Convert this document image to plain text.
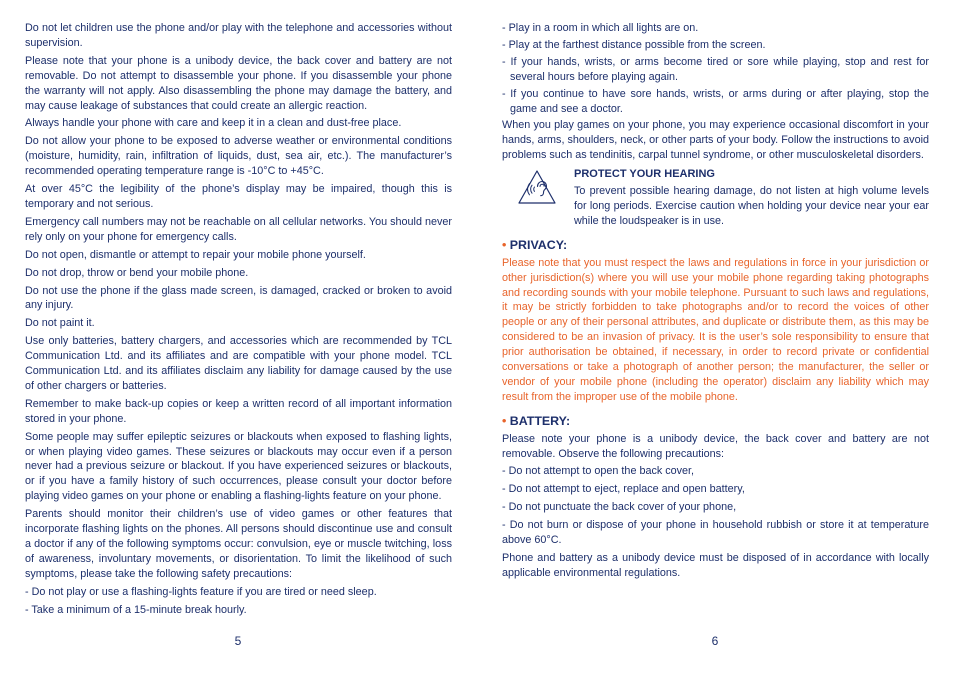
Do not let children use the phone and/or play with the telephone and accessories without supervision.

Please note that your phone is a unibody device, the back cover and battery are not removable. Do not attempt to disassemble your phone. If you disassemble your phone the warranty will not apply. Also disassembling the phone may damage the battery, and may cause leakage of substances that could create an allergic reaction.

Always handle your phone with care and keep it in a clean and dust-free place.

Do not allow your phone to be exposed to adverse weather or environmental conditions (moisture, humidity, rain, infiltration of liquids, dust, sea air, etc.). The manufacturer’s recommended operating temperature range is -10°C to +45°C.

At over 45°C the legibility of the phone’s display may be impaired, though this is temporary and not serious.

Emergency call numbers may not be reachable on all cellular networks. You should never rely only on your phone for emergency calls.

Do not open, dismantle or attempt to repair your mobile phone yourself.

Do not drop, throw or bend your mobile phone.

Do not use the phone if the glass made screen, is damaged, cracked or broken to avoid any injury.

Do not paint it.

Use only batteries, battery chargers, and accessories which are recommended by TCL Communication Ltd. and its affiliates and are compatible with your phone model. TCL Communication Ltd. and its affiliates disclaim any liability for damage caused by the use of other chargers or batteries.

Remember to make back-up copies or keep a written record of all important information stored in your phone.

Some people may suffer epileptic seizures or blackouts when exposed to flashing lights, or when playing video games. These seizures or blackouts may occur even if a person never had a previous seizure or blackout. If you have experienced seizures or blackouts, or if you have a family history of such occurrences, please consult your doctor before playing video games on your phone or enabling a flashing-lights feature on your phone.

Parents should monitor their children’s use of video games or other features that incorporate flashing lights on the phones. All persons should discontinue use and consult a doctor if any of the following symptoms occur: convulsion, eye or muscle twitching, loss of awareness, involuntary movements, or disorientation. To limit the likelihood of such symptoms, please take the following safety precautions:

- Do not play or use a flashing-lights feature if you are tired or need sleep.

- Take a minimum of a 15-minute break hourly.

5

- Play in a room in which all lights are on.

- Play at the farthest distance possible from the screen.

- If your hands, wrists, or arms become tired or sore while playing, stop and rest for several hours before playing again.

- If you continue to have sore hands, wrists, or arms during or after playing, stop the game and see a doctor.

When you play games on your phone, you may experience occasional discomfort in your hands, arms, shoulders, neck, or other parts of your body. Follow the instructions to avoid problems such as tendinitis, carpal tunnel syndrome, or other musculoskeletal disorders.

PROTECT YOUR HEARING
To prevent possible hearing damage, do not listen at high volume levels for long periods. Exercise caution when holding your device near your ear while the loudspeaker is in use.
• PRIVACY:

Please note that you must respect the laws and regulations in force in your jurisdiction or other jurisdiction(s) where you will use your mobile phone regarding taking photographs and recording sounds with your mobile telephone. Pursuant to such laws and regulations, it may be strictly forbidden to take photographs and/or to record the voices of other people or any of their personal attributes, and duplicate or distribute them, as this may be considered to be an invasion of privacy. It is the user’s sole responsibility to ensure that prior authorisation be obtained, if necessary, in order to record private or confidential conversations or take a photograph of another person; the manufacturer, the seller or vendor of your mobile phone (including the operator) disclaim any liability which may result from the improper use of the mobile phone.

• BATTERY:

Please note your phone is a unibody device, the back cover and battery are not removable. Observe the following precautions:

- Do not attempt to open the back cover,

- Do not attempt to eject, replace and open battery,

- Do not punctuate the back cover of your phone,

- Do not burn or dispose of your phone in household rubbish or store it at temperature above 60°C.

Phone and battery as a unibody device must be disposed of in accordance with locally applicable environmental regulations.

6
